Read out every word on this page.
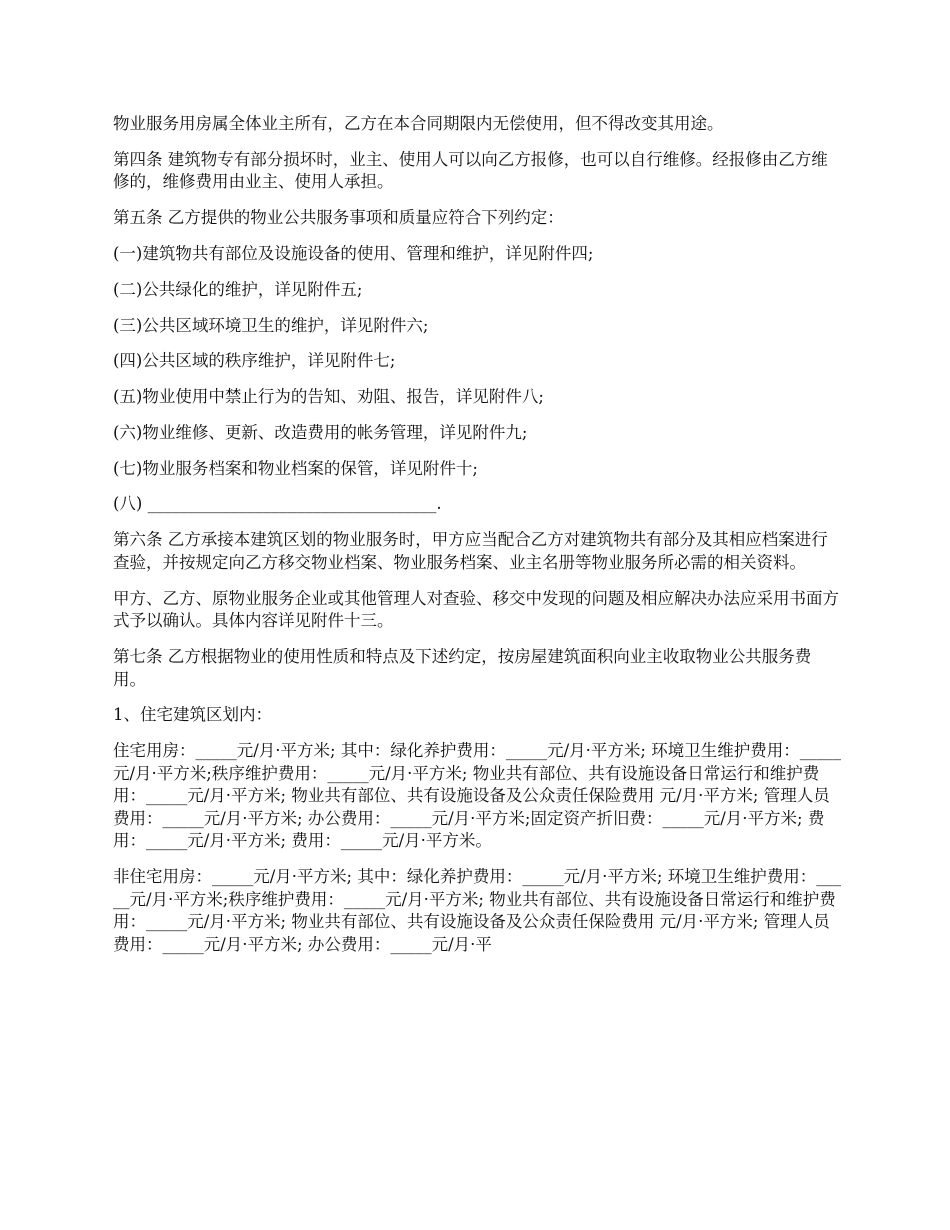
物业服务用房属全体业主所有，乙方在本合同期限内无偿使用，但不得改变其用途。

第四条 建筑物专有部分损坏时，业主、使用人可以向乙方报修，也可以自行维修。经报修由乙方维修的，维修费用由业主、使用人承担。

第五条 乙方提供的物业公共服务事项和质量应符合下列约定：

(一)建筑物共有部位及设施设备的使用、管理和维护，详见附件四;

(二)公共绿化的维护，详见附件五;

(三)公共区域环境卫生的维护，详见附件六;

(四)公共区域的秩序维护，详见附件七;

(五)物业使用中禁止行为的告知、劝阻、报告，详见附件八;

(六)物业维修、更新、改造费用的帐务管理，详见附件九;

(七)物业服务档案和物业档案的保管，详见附件十;

(八) ___________________________________.

第六条 乙方承接本建筑区划的物业服务时，甲方应当配合乙方对建筑物共有部分及其相应档案进行查验，并按规定向乙方移交物业档案、物业服务档案、业主名册等物业服务所必需的相关资料。

甲方、乙方、原物业服务企业或其他管理人对查验、移交中发现的问题及相应解决办法应采用书面方式予以确认。具体内容详见附件十三。

第七条 乙方根据物业的使用性质和特点及下述约定，按房屋建筑面积向业主收取物业公共服务费用。

1、住宅建筑区划内：

住宅用房：_____元/月·平方米; 其中：绿化养护费用：_____元/月·平方米; 环境卫生维护费用：_____元/月·平方米;秩序维护费用：_____元/月·平方米; 物业共有部位、共有设施设备日常运行和维护费用：_____元/月·平方米; 物业共有部位、共有设施设备及公众责任保险费用 元/月·平方米; 管理人员费用：_____元/月·平方米; 办公费用：_____元/月·平方米;固定资产折旧费：_____元/月·平方米; 费用：_____元/月·平方米; 费用：_____元/月·平方米。

非住宅用房：_____元/月·平方米; 其中：绿化养护费用：_____元/月·平方米; 环境卫生维护费用：_____元/月·平方米;秩序维护费用：_____元/月·平方米; 物业共有部位、共有设施设备日常运行和维护费用：_____元/月·平方米; 物业共有部位、共有设施设备及公众责任保险费用 元/月·平方米; 管理人员费用：_____元/月·平方米; 办公费用：_____元/月·平
